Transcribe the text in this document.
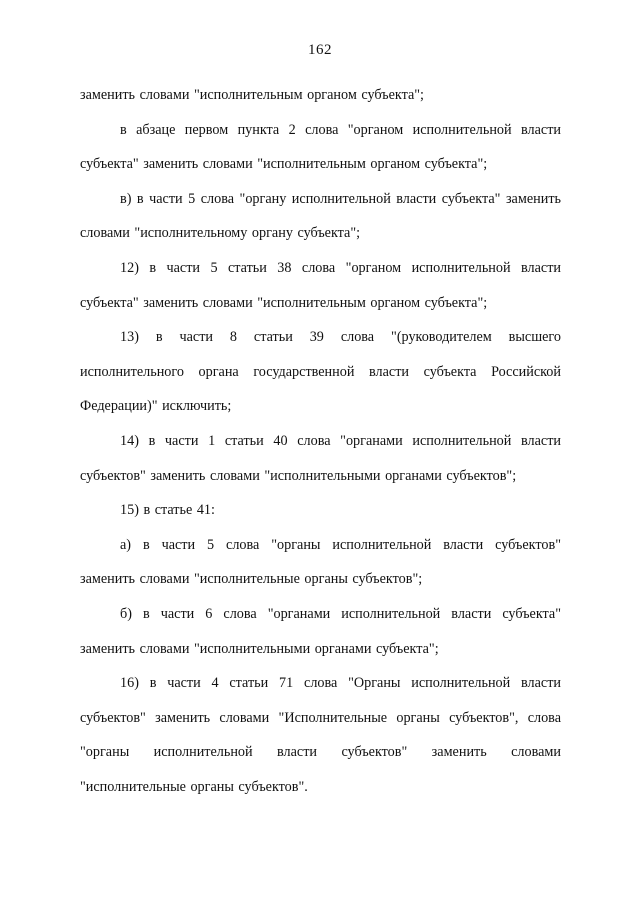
162

заменить словами "исполнительным органом субъекта";

в абзаце первом пункта 2 слова "органом исполнительной власти субъекта" заменить словами "исполнительным органом субъекта";

в) в части 5 слова "органу исполнительной власти субъекта" заменить словами "исполнительному органу субъекта";

12) в части 5 статьи 38 слова "органом исполнительной власти субъекта" заменить словами "исполнительным органом субъекта";

13) в части 8 статьи 39 слова "(руководителем высшего исполнительного органа государственной власти субъекта Российской Федерации)" исключить;

14) в части 1 статьи 40 слова "органами исполнительной власти субъектов" заменить словами "исполнительными органами субъектов";

15) в статье 41:

а) в части 5 слова "органы исполнительной власти субъектов" заменить словами "исполнительные органы субъектов";

б) в части 6 слова "органами исполнительной власти субъекта" заменить словами "исполнительными органами субъекта";

16) в части 4 статьи 71 слова "Органы исполнительной власти субъектов" заменить словами "Исполнительные органы субъектов", слова "органы исполнительной власти субъектов" заменить словами "исполнительные органы субъектов".
